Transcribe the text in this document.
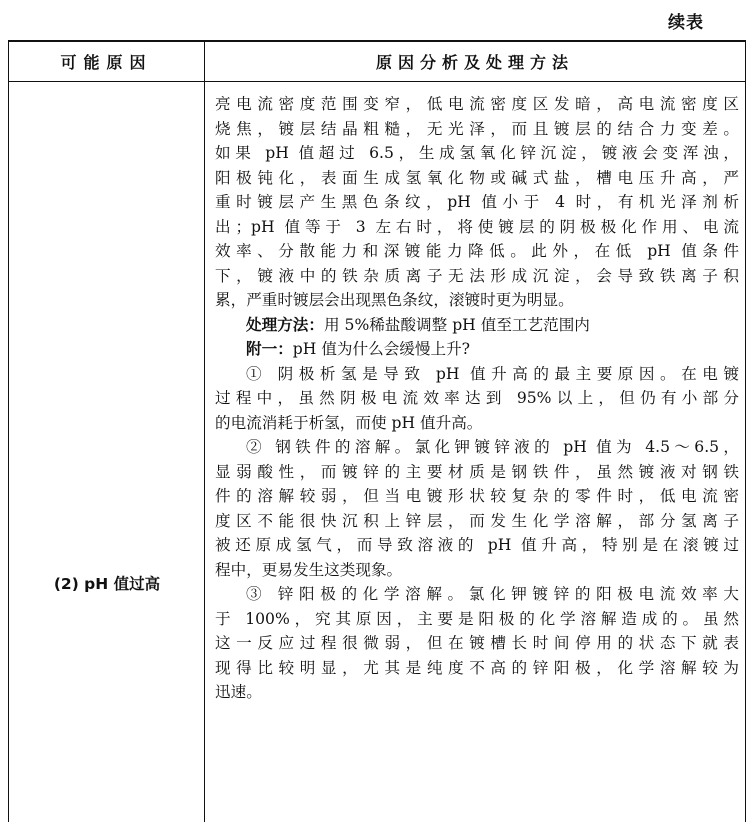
续表
可能原因	原因分析及处理方法
(2) pH 值过高
亮电流密度范围变窄，低电流密度区发暗，高电流密度区
烧焦，镀层结晶粗糙，无光泽，而且镀层的结合力变差。
如果 pH 值超过 6.5，生成氢氧化锌沉淀，镀液会变浑浊，
阳极钝化，表面生成氢氧化物或碱式盐，槽电压升高，严
重时镀层产生黑色条纹，pH 值小于 4 时，有机光泽剂析
出；pH 值等于 3 左右时，将使镀层的阴极极化作用、电流
效率、分散能力和深镀能力降低。此外，在低 pH 值条件
下，镀液中的铁杂质离子无法形成沉淀，会导致铁离子积
累，严重时镀层会出现黑色条纹，滚镀时更为明显。
处理方法：用 5%稀盐酸调整 pH 值至工艺范围内
附一：pH 值为什么会缓慢上升?
① 阴极析氢是导致 pH 值升高的最主要原因。在电镀
过程中，虽然阴极电流效率达到 95%以上，但仍有小部分
的电流消耗于析氢，而使 pH 值升高。
② 钢铁件的溶解。氯化钾镀锌液的 pH 值为 4.5～6.5，
显弱酸性，而镀锌的主要材质是钢铁件，虽然镀液对钢铁
件的溶解较弱，但当电镀形状较复杂的零件时，低电流密
度区不能很快沉积上锌层，而发生化学溶解，部分氢离子
被还原成氢气，而导致溶液的 pH 值升高，特别是在滚镀过
程中，更易发生这类现象。
③ 锌阳极的化学溶解。氯化钾镀锌的阳极电流效率大
于 100%，究其原因，主要是阳极的化学溶解造成的。虽然
这一反应过程很微弱，但在镀槽长时间停用的状态下就表
现得比较明显，尤其是纯度不高的锌阳极，化学溶解较为
迅速。
